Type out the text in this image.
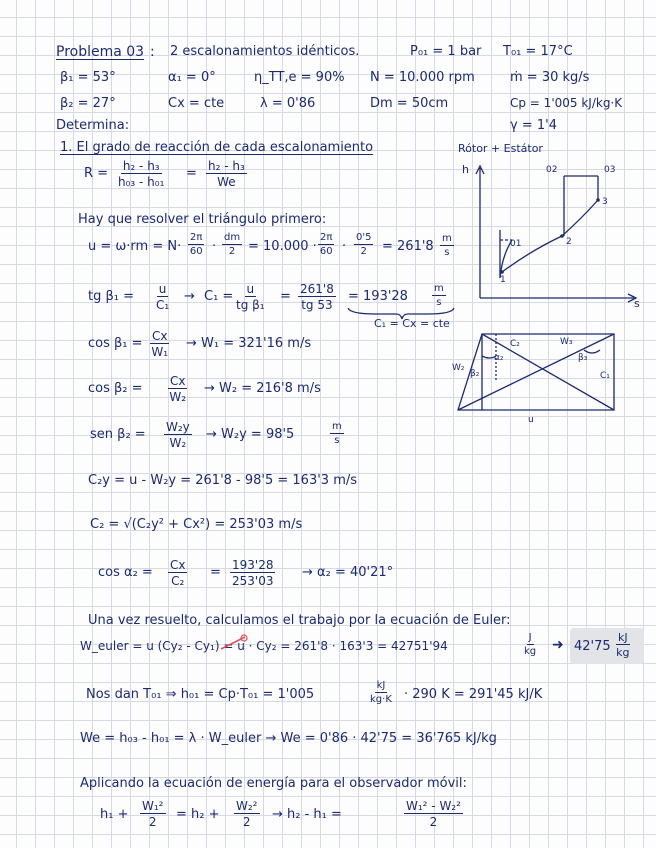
Problema 03 : 2 escalonamientos idénticos.	P₀₁ = 1 bar T₀₁ = 17°C
β₁ = 53°	α₁ = 0°	η_TT,e = 90% N = 10.000 rpm	ṁ = 30 kg/s
β₂ = 27°	Cx = cte	λ = 0'86	Dm = 50cm	Cp = 1'005 kJ/kg·K
Determina:	γ = 1'4
1. El grado de reacción de cada escalonamiento
$R = \frac{\text{h₂ - h₃}}{\text{h₀₃ - h₀₁}} = \frac{\text{h₂ - h₃}}{We}$
Hay que resolver el triángulo primero:
$u = \omega\cdot rm = N\cdot \frac{2\pi}{60} \cdot \frac{dm}{2} = 10.000 \cdot \frac{2\pi}{60} \cdot \frac{0'5}{2} = 261'8 \frac{m}{s}$
tg $\beta_1 = \frac{u}{\text{C₁}} \to C_1 = \frac{u}{\text{tg β₁}} = \frac{261'8}{tg 53} = 193'28 \frac{m}{s}$
C₁ = Cx = cte
$\cos \beta_1 = \frac{Cx}{\text{W₁}} \to W_1 = 321'16$ m/s
$\cos \beta_2 = \frac{Cx}{\text{W₂}} \to W_2 = 216'8$ m/s
sen $\beta_2 = \frac{\text{W₂y}}{\text{W₂}} \to W_2y = 98'5$	$\frac{m}{s}$
C₂y = u - W₂y = 261'8 - 98'5 = 163'3 m/s
C₂ = √(C₂y² + Cx²) = 253'03 m/s
$\cos \alpha_2 = \frac{Cx}{\text{C₂}} = \frac{193'28}{253'03} \to \alpha_2 = 40'21^\circ$
Una vez resuelto, calculamos el trabajo por la ecuación de Euler:
W_euler = u (Cy₂ - Cy₁) = u · Cy₂ = 261'8 · 163'3 = 42751'94	$\frac{J}{kg}$ ➜ $42'75 \frac{kJ}{kg}$
Nos dan T₀₁ ⇒ h₀₁ = Cp·T₀₁ = 1'005	$\frac{kJ}{kg\cdot K} \cdot 290$ K = 291'45 kJ/K
We = h₀₃ - h₀₁ = λ · W_euler → We = 0'86 · 42'75 = 36'765 kJ/kg
Aplicando la ecuación de energía para el observador móvil:
$h_1 + \frac{\text{W₁²}}{2} = h_2 + \frac{\text{W₂²}}{2} \to h_2 - h_1$ =	$\frac{\text{W₁² - W₂²}}{2}$
Rótor + Estátor
h
s
02	03
3
2
01
1
C₂
W₂
α₂
β₂
W₃
β₃
C₁
u
